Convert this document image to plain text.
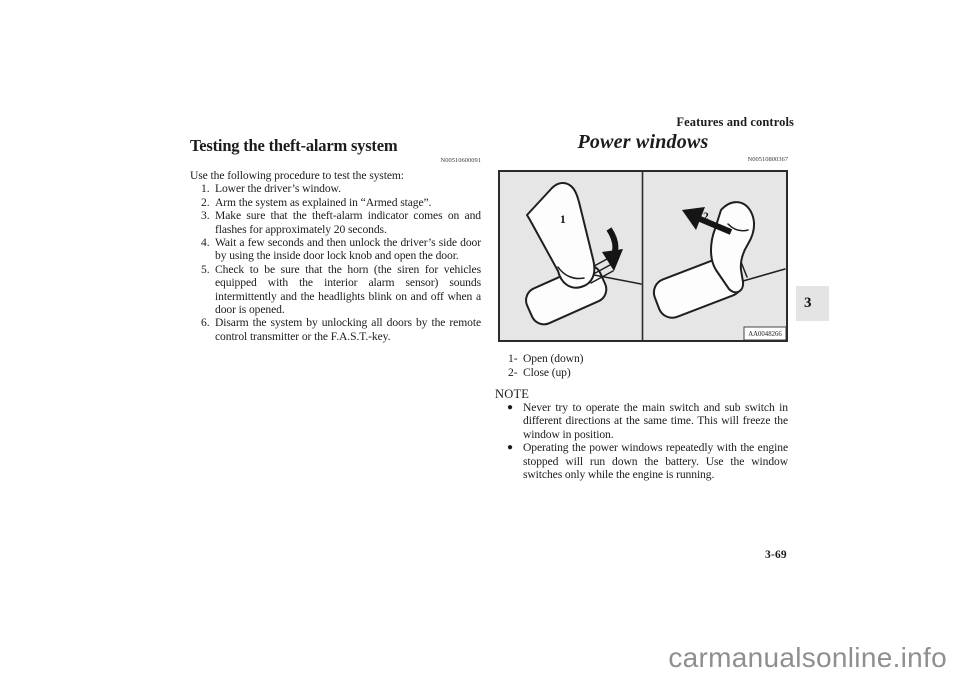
Features and controls
Testing the theft-alarm system
N00510600091

Use the following procedure to test the system:

1. Lower the driver’s window.
2. Arm the system as explained in “Armed stage”.
3. Make sure that the theft-alarm indicator comes on and flashes for approximately 20 seconds.
4. Wait a few seconds and then unlock the driver’s side door by using the inside door lock knob and open the door.
5. Check to be sure that the horn (the siren for vehicles equipped with the interior alarm sensor) sounds intermittently and the headlights blink on and off when a door is opened.
6. Disarm the system by unlocking all doors by the remote control transmitter or the F.A.S.T.-key.
Power windows
N00510800367
1	2
AA0048266
1- Open (down)
2- Close (up)
NOTE
● Never try to operate the main switch and sub switch in different directions at the same time. This will freeze the window in position.
● Operating the power windows repeatedly with the engine stopped will run down the battery. Use the window switches only while the engine is running.
3
3-69
carmanualsonline.info
